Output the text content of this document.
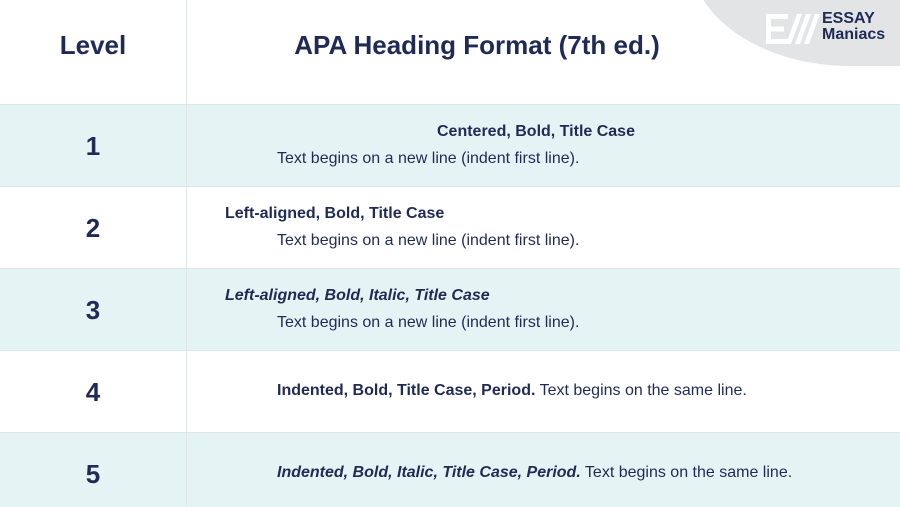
ESSAY
Maniacs
Level	APA Heading Format (7th ed.)
1	Centered, Bold, Title Case
Text begins on a new line (indent first line).
2	Left-aligned, Bold, Title Case
Text begins on a new line (indent first line).
3	Left-aligned, Bold, Italic, Title Case
Text begins on a new line (indent first line).
4	Indented, Bold, Title Case, Period. Text begins on the same line.
5	Indented, Bold, Italic, Title Case, Period. Text begins on the same line.
